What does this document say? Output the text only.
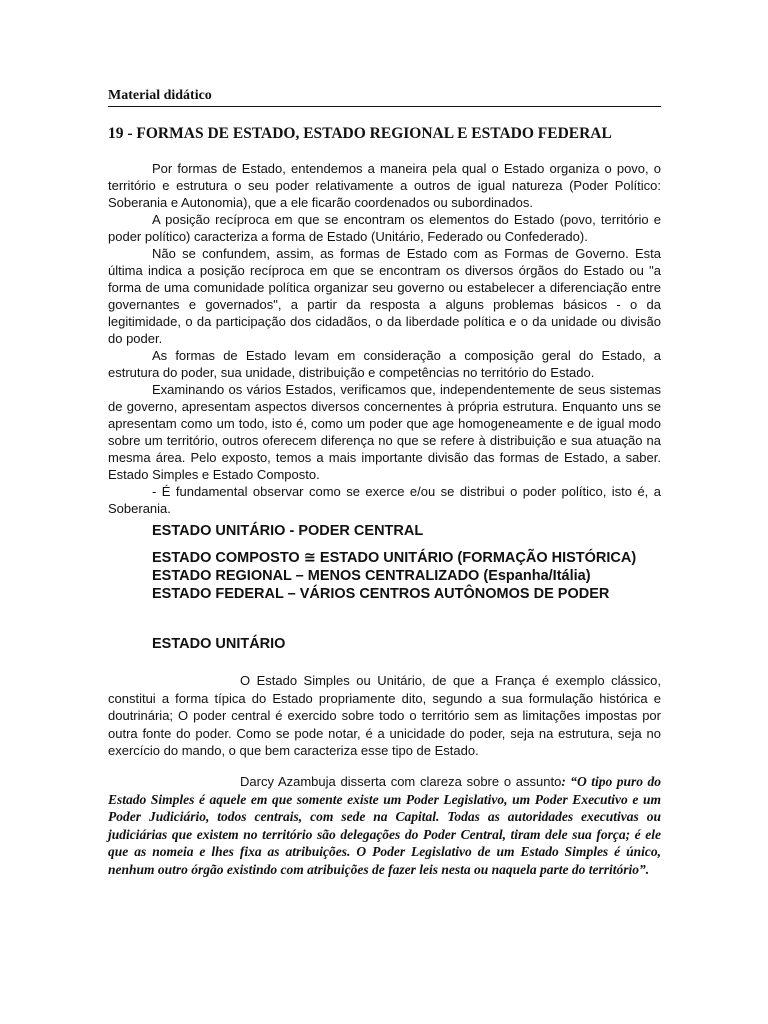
Material didático
19 - FORMAS DE ESTADO, ESTADO REGIONAL E ESTADO FEDERAL

Por formas de Estado, entendemos a maneira pela qual o Estado organiza o povo, o território e estrutura o seu poder relativamente a outros de igual natureza (Poder Político: Soberania e Autonomia), que a ele ficarão coordenados ou subordinados.

A posição recíproca em que se encontram os elementos do Estado (povo, território e poder político) caracteriza a forma de Estado (Unitário, Federado ou Confederado).

Não se confundem, assim, as formas de Estado com as Formas de Governo. Esta última indica a posição recíproca em que se encontram os diversos órgãos do Estado ou "a forma de uma comunidade política organizar seu governo ou estabelecer a diferenciação entre governantes e governados", a partir da resposta a alguns problemas básicos - o da legitimidade, o da participação dos cidadãos, o da liberdade política e o da unidade ou divisão do poder.

As formas de Estado levam em consideração a composição geral do Estado, a estrutura do poder, sua unidade, distribuição e competências no território do Estado.

Examinando os vários Estados, verificamos que, independentemente de seus sistemas de governo, apresentam aspectos diversos concernentes à própria estrutura. Enquanto uns se apresentam como um todo, isto é, como um poder que age homogeneamente e de igual modo sobre um território, outros oferecem diferença no que se refere à distribuição e sua atuação na mesma área. Pelo exposto, temos a mais importante divisão das formas de Estado, a saber. Estado Simples e Estado Composto.

- É fundamental observar como se exerce e/ou se distribui o poder político, isto é, a Soberania.

ESTADO UNITÁRIO - PODER CENTRAL
ESTADO COMPOSTO ≅ ESTADO UNITÁRIO (FORMAÇÃO HISTÓRICA)
ESTADO REGIONAL – MENOS CENTRALIZADO (Espanha/Itália)
ESTADO FEDERAL – VÁRIOS CENTROS AUTÔNOMOS DE PODER
ESTADO UNITÁRIO
O Estado Simples ou Unitário, de que a França é exemplo clássico, constitui a forma típica do Estado propriamente dito, segundo a sua formulação histórica e doutrinária; O poder central é exercido sobre todo o território sem as limitações impostas por outra fonte do poder. Como se pode notar, é a unicidade do poder, seja na estrutura, seja no exercício do mando, o que bem caracteriza esse tipo de Estado.
Darcy Azambuja disserta com clareza sobre o assunto: “O tipo puro do Estado Simples é aquele em que somente existe um Poder Legislativo, um Poder Executivo e um Poder Judiciário, todos centrais, com sede na Capital. Todas as autoridades executivas ou judiciárias que existem no território são delegações do Poder Central, tiram dele sua força; é ele que as nomeia e lhes fixa as atribuições. O Poder Legislativo de um Estado Simples é único, nenhum outro órgão existindo com atribuições de fazer leis nesta ou naquela parte do território”.
